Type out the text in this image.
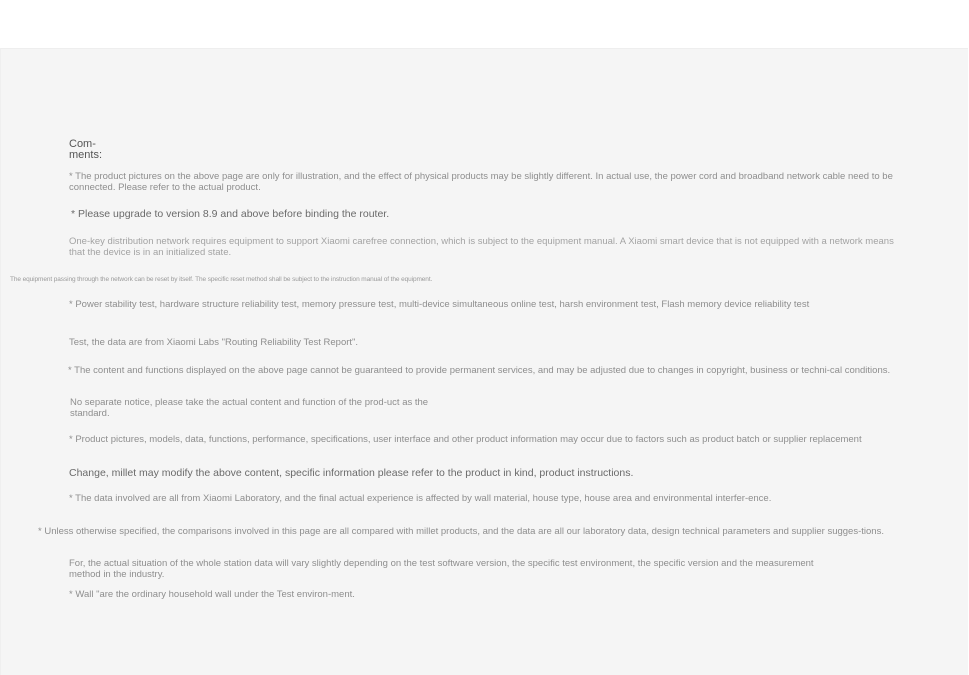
Com-
ments:
* The product pictures on the above page are only for illustration, and the effect of physical products may be slightly different. In actual use, the power cord and broadband network cable need to be connected. Please refer to the actual product.
* Please upgrade to version 8.9 and above before binding the router.
One-key distribution network requires equipment to support Xiaomi carefree connection, which is subject to the equipment manual. A Xiaomi smart device that is not equipped with a network means that the device is in an initialized state.
The equipment passing through the network can be reset by itself. The specific reset method shall be subject to the instruction manual of the equipment.
* Power stability test, hardware structure reliability test, memory pressure test, multi-device simultaneous online test, harsh environment test, Flash memory device reliability test
Test, the data are from Xiaomi Labs "Routing Reliability Test Report".
* The content and functions displayed on the above page cannot be guaranteed to provide permanent services, and may be adjusted due to changes in copyright, business or techni-cal conditions.
No separate notice, please take the actual content and function of the prod-uct as the standard.
* Product pictures, models, data, functions, performance, specifications, user interface and other product information may occur due to factors such as product batch or supplier replacement
Change, millet may modify the above content, specific information please refer to the product in kind, product instructions.
* The data involved are all from Xiaomi Laboratory, and the final actual experience is affected by wall material, house type, house area and environmental interfer-ence.
* Unless otherwise specified, the comparisons involved in this page are all compared with millet products, and the data are all our laboratory data, design technical parameters and supplier sugges-tions.
For, the actual situation of the whole station data will vary slightly depending on the test software version, the specific test environment, the specific version and the measurement method in the industry.
* Wall "are the ordinary household wall under the Test environ-ment.
